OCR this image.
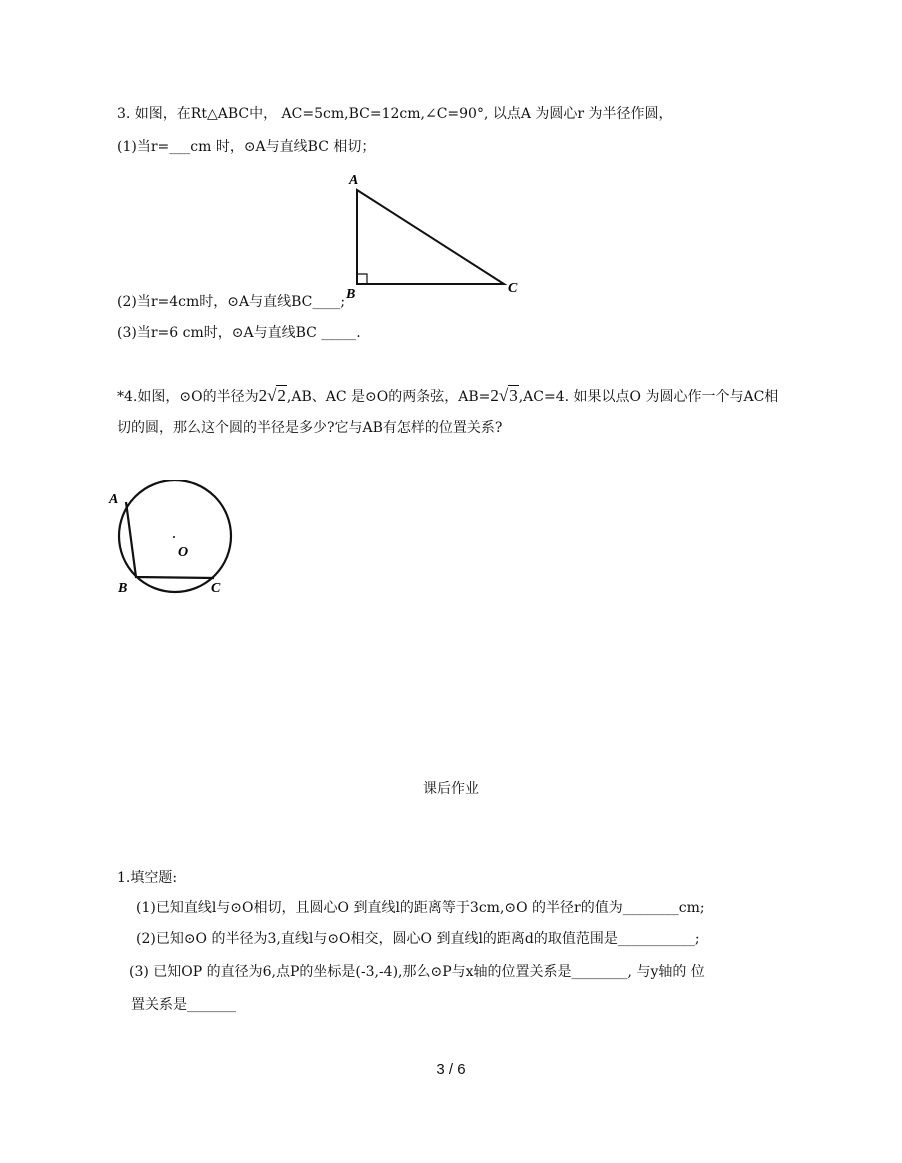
3. 如图，在Rt△ABC中， AC=5cm,BC=12cm,∠C=90°, 以点A 为圆心r 为半径作圆，
(1)当r=___cm 时，⊙A与直线BC 相切；
A
B	C
(2)当r=4cm时，⊙A与直线BC____;
(3)当r=6 cm时，⊙A与直线BC _____.
*4.如图，⊙O的半径为2√2,AB、AC 是⊙O的两条弦，AB=2√3,AC=4. 如果以点O 为圆心作一个与AC相
切的圆，那么这个圆的半径是多少?它与AB有怎样的位置关系?
A
O
B	C
课后作业
1.填空题:
(1)已知直线l与⊙O相切，且圆心O 到直线l的距离等于3cm,⊙O 的半径r的值为________cm;
(2)已知⊙O 的半径为3,直线l与⊙O相交，圆心O 到直线l的距离d的取值范围是___________;
(3) 已知OP 的直径为6,点P的坐标是(-3,-4),那么⊙P与x轴的位置关系是________, 与y轴的 位
置关系是_______
3 / 6
